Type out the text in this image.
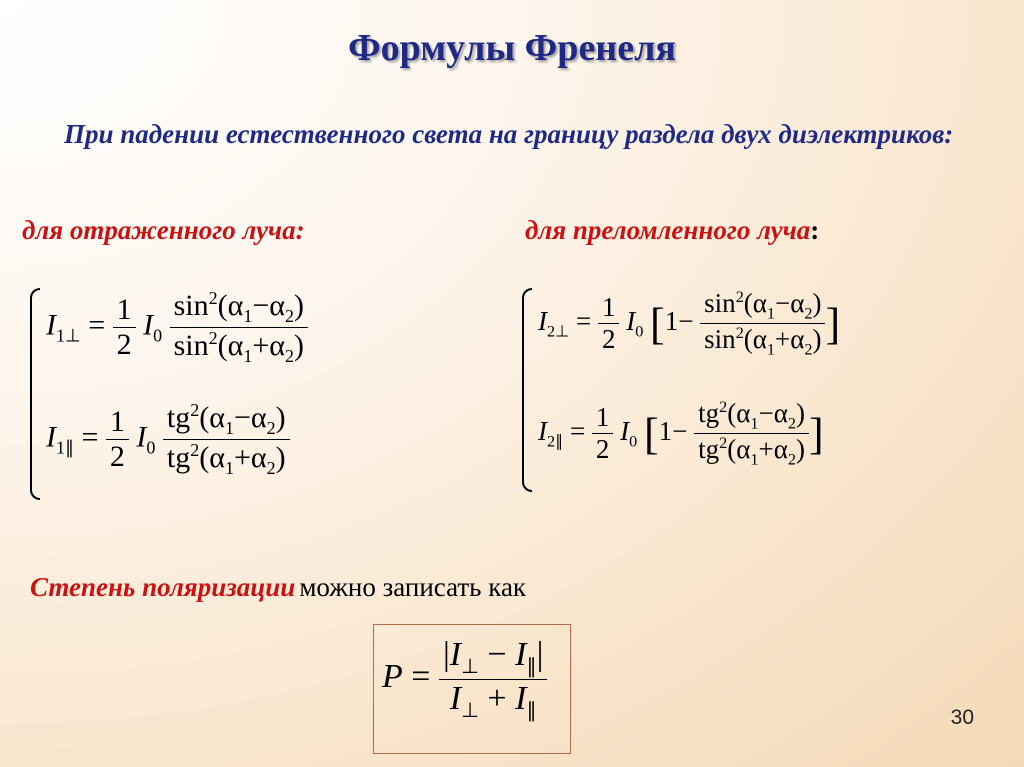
Формулы Френеля
При падении естественного света на границу раздела двух диэлектриков:
для отраженного луча:	для преломленного луча:
$I_{1\perp} = \frac{1}{2} I_0 \frac{\sin^2(\alpha_1-\alpha_2)}{\sin^2(\alpha_1+\alpha_2)}$
$I_{1\parallel} = \frac{1}{2} I_0 \frac{tg^2(\alpha_1-\alpha_2)}{tg^2(\alpha_1+\alpha_2)}$
$I_{2\perp} = \frac{1}{2} I_0$ [$1- \frac{\sin^2(\alpha_1-\alpha_2)}{\sin^2(\alpha_1+\alpha_2)}$ ]
$I_{2\parallel} = \frac{1}{2} I_0$ [$1- \frac{tg^2(\alpha_1-\alpha_2)}{tg^2(\alpha_1+\alpha_2)}$ ]
Степень поляризации можно записать как
$P = \frac{|I_\perp - I_\parallel|}{I_\perp + I_\parallel}$	30
